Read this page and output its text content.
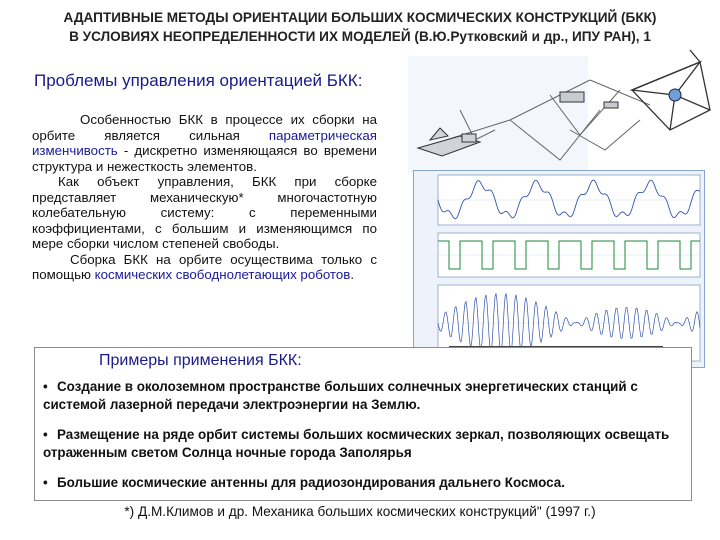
АДАПТИВНЫЕ МЕТОДЫ ОРИЕНТАЦИИ БОЛЬШИХ КОСМИЧЕСКИХ КОНСТРУКЦИЙ (БКК)
В УСЛОВИЯХ НЕОПРЕДЕЛЕННОСТИ ИХ МОДЕЛЕЙ (В.Ю.Рутковский и др., ИПУ РАН), 1
Проблемы управления ориентацией БКК:

Особенностью БКК в процессе их сборки на орбите является сильная параметрическая изменчивость - дискретно изменяющаяся во времени структура и нежесткость элементов.

Как объект управления, БКК при сборке представляет механическую* многочастотную колебательную систему: с переменными коэффициентами, с большим и изменяющимся по мере сборки числом степеней свободы.

Сборка БКК на орбите осуществима только с помощью космических свободнолетающих роботов.

Примеры применения БКК:
• Создание в околоземном пространстве больших солнечных энергетических станций с системой лазерной передачи электроэнергии на Землю.
• Размещение на ряде орбит системы больших космических зеркал, позволяющих освещать отраженным светом Солнца ночные города Заполярья
• Большие космические антенны для радиозондирования дальнего Космоса.
*) Д.М.Климов и др. Механика больших космических конструкций" (1997 г.)
